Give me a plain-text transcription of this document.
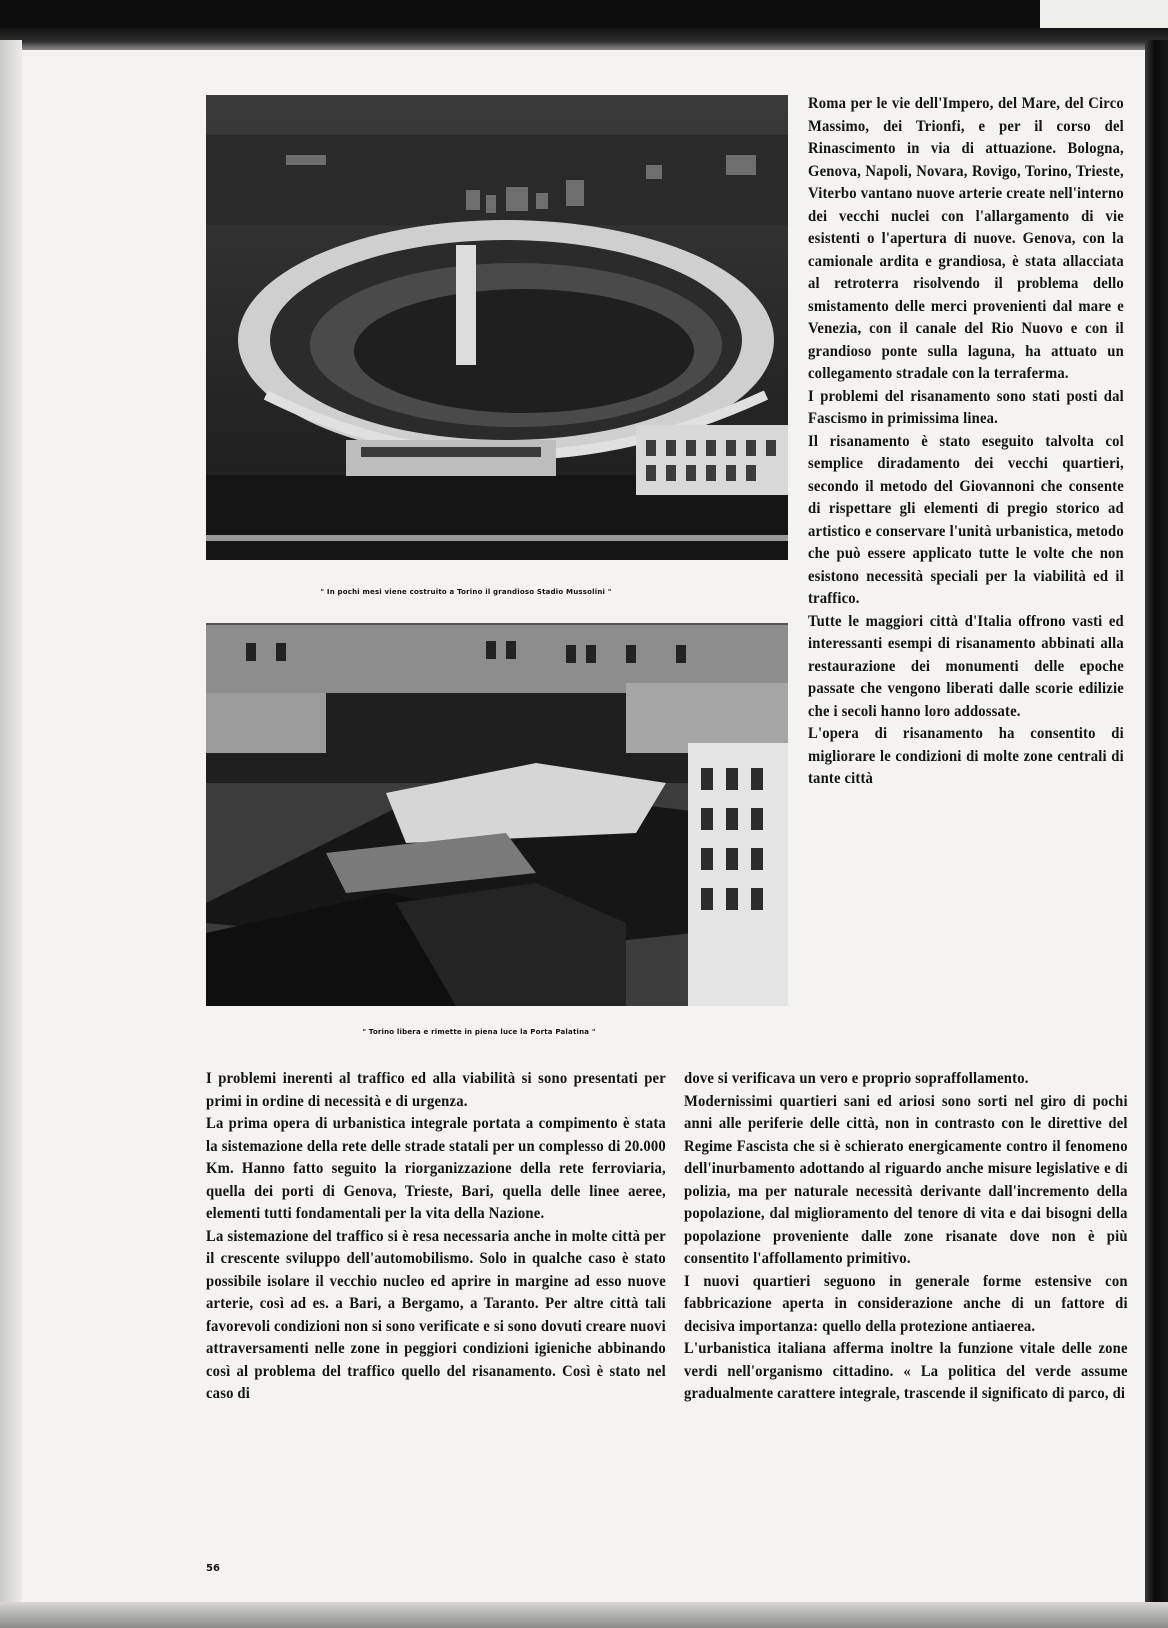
" In pochi mesi viene costruito a Torino il grandioso Stadio Mussolini "
" Torino libera e rimette in piena luce la Porta Palatina "

Roma per le vie dell'Impero, del Mare, del Circo Massimo, dei Trionfi, e per il corso del Rinascimento in via di attuazione. Bologna, Genova, Napoli, Novara, Rovigo, Torino, Trieste, Viterbo vantano nuove arterie create nell'interno dei vecchi nuclei con l'allargamento di vie esistenti o l'apertura di nuove. Genova, con la camionale ardita e grandiosa, è stata allacciata al retroterra risolvendo il problema dello smistamento delle merci provenienti dal mare e Venezia, con il canale del Rio Nuovo e con il grandioso ponte sulla laguna, ha attuato un collegamento stradale con la terraferma.

I problemi del risanamento sono stati posti dal Fascismo in primissima linea.

Il risanamento è stato eseguito talvolta col semplice diradamento dei vecchi quartieri, secondo il metodo del Giovannoni che consente di rispettare gli elementi di pregio storico ad artistico e conservare l'unità urbanistica, metodo che può essere applicato tutte le volte che non esistono necessità speciali per la viabilità ed il traffico.

Tutte le maggiori città d'Italia offrono vasti ed interessanti esempi di risanamento abbinati alla restaurazione dei monumenti delle epoche passate che vengono liberati dalle scorie edilizie che i secoli hanno loro addossate.

L'opera di risanamento ha consentito di migliorare le condizioni di molte zone centrali di tante città

I problemi inerenti al traffico ed alla viabilità si sono presentati per primi in ordine di necessità e di urgenza.

La prima opera di urbanistica integrale portata a compimento è stata la sistemazione della rete delle strade statali per un complesso di 20.000 Km. Hanno fatto seguito la riorganizzazione della rete ferroviaria, quella dei porti di Genova, Trieste, Bari, quella delle linee aeree, elementi tutti fondamentali per la vita della Nazione.

La sistemazione del traffico si è resa necessaria anche in molte città per il crescente sviluppo dell'automobilismo. Solo in qualche caso è stato possibile isolare il vecchio nucleo ed aprire in margine ad esso nuove arterie, così ad es. a Bari, a Bergamo, a Taranto. Per altre città tali favorevoli condizioni non si sono verificate e si sono dovuti creare nuovi attraversamenti nelle zone in peggiori condizioni igieniche abbinando così al problema del traffico quello del risanamento. Così è stato nel caso di

dove si verificava un vero e proprio sopraffollamento.

Modernissimi quartieri sani ed ariosi sono sorti nel giro di pochi anni alle periferie delle città, non in contrasto con le direttive del Regime Fascista che si è schierato energicamente contro il fenomeno dell'inurbamento adottando al riguardo anche misure legislative e di polizia, ma per naturale necessità derivante dall'incremento della popolazione, dal miglioramento del tenore di vita e dai bisogni della popolazione proveniente dalle zone risanate dove non è più consentito l'affollamento primitivo.

I nuovi quartieri seguono in generale forme estensive con fabbricazione aperta in considerazione anche di un fattore di decisiva importanza: quello della protezione antiaerea.

L'urbanistica italiana afferma inoltre la funzione vitale delle zone verdi nell'organismo cittadino. « La politica del verde assume gradualmente carattere integrale, trascende il significato di parco, di

56
